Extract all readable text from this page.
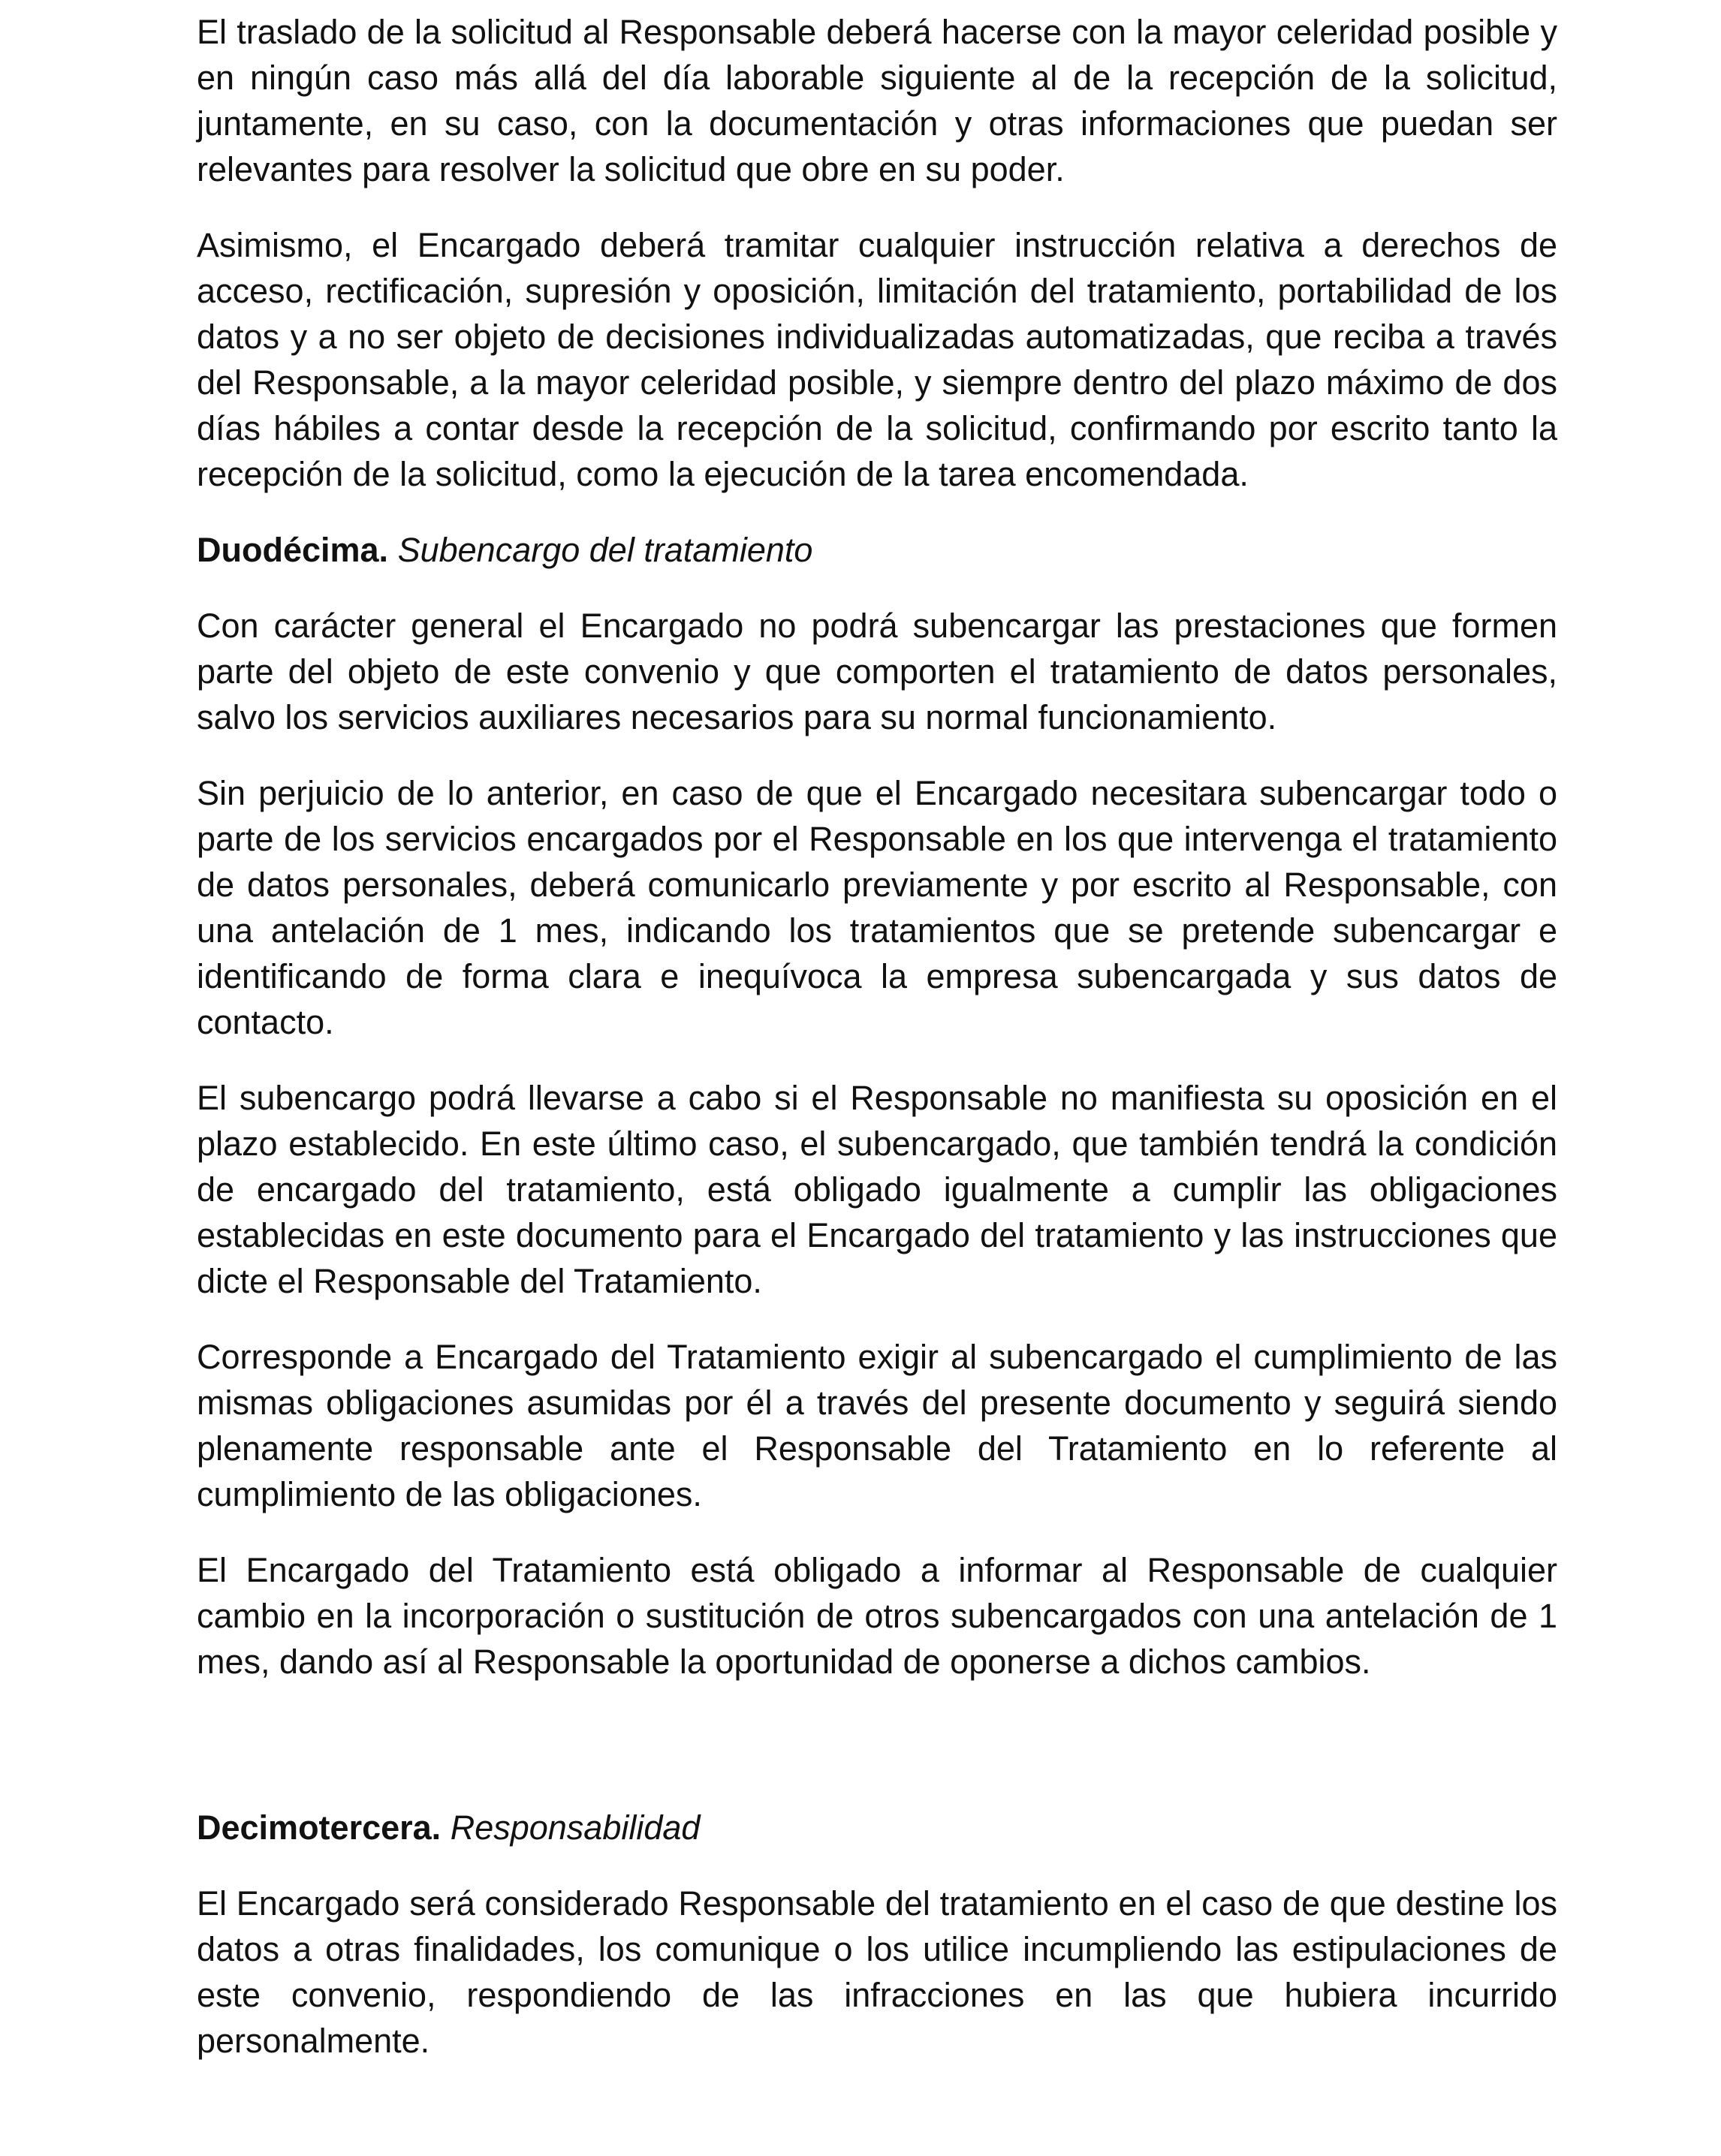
El traslado de la solicitud al Responsable deberá hacerse con la mayor celeridad posible y en ningún caso más allá del día laborable siguiente al de la recepción de la solicitud, juntamente, en su caso, con la documentación y otras informaciones que puedan ser relevantes para resolver la solicitud que obre en su poder.

Asimismo, el Encargado deberá tramitar cualquier instrucción relativa a derechos de acceso, rectificación, supresión y oposición, limitación del tratamiento, portabilidad de los datos y a no ser objeto de decisiones individualizadas automatizadas, que reciba a través del Responsable, a la mayor celeridad posible, y siempre dentro del plazo máximo de dos días hábiles a contar desde la recepción de la solicitud, confirmando por escrito tanto la recepción de la solicitud, como la ejecución de la tarea encomendada.

Duodécima. Subencargo del tratamiento

Con carácter general el Encargado no podrá subencargar las prestaciones que formen parte del objeto de este convenio y que comporten el tratamiento de datos personales, salvo los servicios auxiliares necesarios para su normal funcionamiento.

Sin perjuicio de lo anterior, en caso de que el Encargado necesitara subencargar todo o parte de los servicios encargados por el Responsable en los que intervenga el tratamiento de datos personales, deberá comunicarlo previamente y por escrito al Responsable, con una antelación de 1 mes, indicando los tratamientos que se pretende subencargar e identificando de forma clara e inequívoca la empresa subencargada y sus datos de contacto.

El subencargo podrá llevarse a cabo si el Responsable no manifiesta su oposición en el plazo establecido. En este último caso, el subencargado, que también tendrá la condición de encargado del tratamiento, está obligado igualmente a cumplir las obligaciones establecidas en este documento para el Encargado del tratamiento y las instrucciones que dicte el Responsable del Tratamiento.

Corresponde a Encargado del Tratamiento exigir al subencargado el cumplimiento de las mismas obligaciones asumidas por él a través del presente documento y seguirá siendo plenamente responsable ante el Responsable del Tratamiento en lo referente al cumplimiento de las obligaciones.

El Encargado del Tratamiento está obligado a informar al Responsable de cualquier cambio en la incorporación o sustitución de otros subencargados con una antelación de 1 mes, dando así al Responsable la oportunidad de oponerse a dichos cambios.

Decimotercera. Responsabilidad

El Encargado será considerado Responsable del tratamiento en el caso de que destine los datos a otras finalidades, los comunique o los utilice incumpliendo las estipulaciones de este convenio, respondiendo de las infracciones en las que hubiera incurrido personalmente.
